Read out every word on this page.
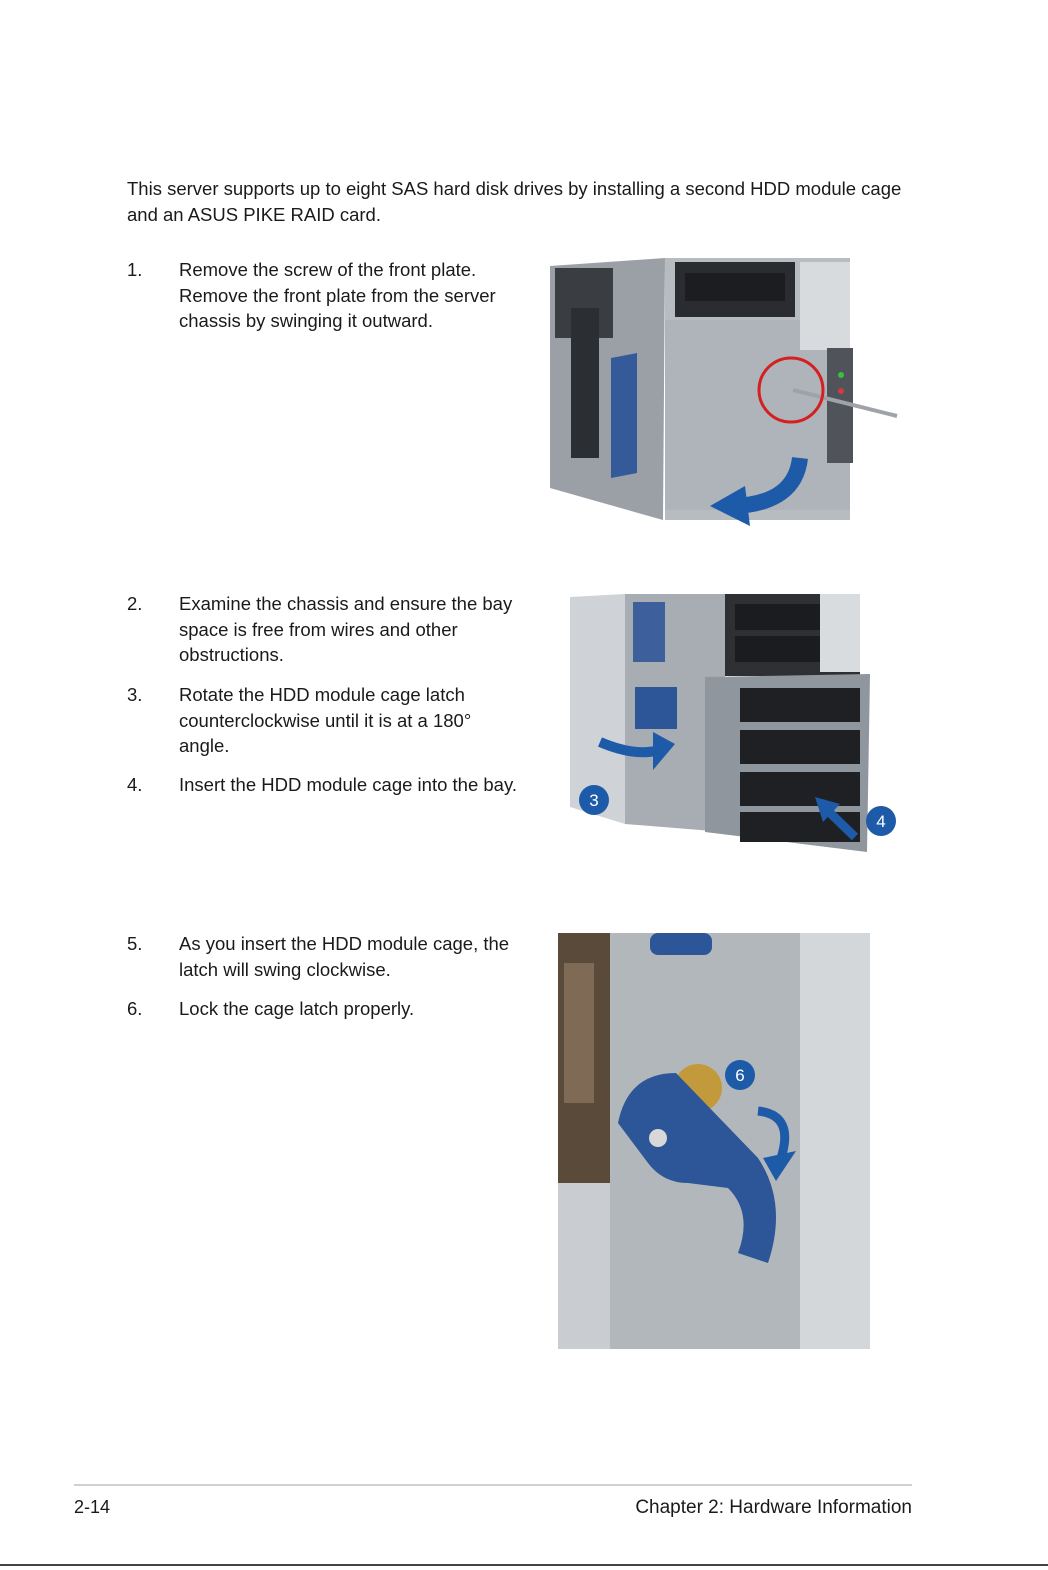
This server supports up to eight SAS hard disk drives by installing a second HDD module cage and an ASUS PIKE RAID card.
1. Remove the screw of the front plate. Remove the front plate from the server chassis by swinging it outward.
2. Examine the chassis and ensure the bay space is free from wires and other obstructions.
3. Rotate the HDD module cage latch counterclockwise until it is at a 180° angle.
4. Insert the HDD module cage into the bay.
5. As you insert the HDD module cage, the latch will swing clockwise.
6. Lock the cage latch properly.
3
4
6
2-14	Chapter 2: Hardware Information
